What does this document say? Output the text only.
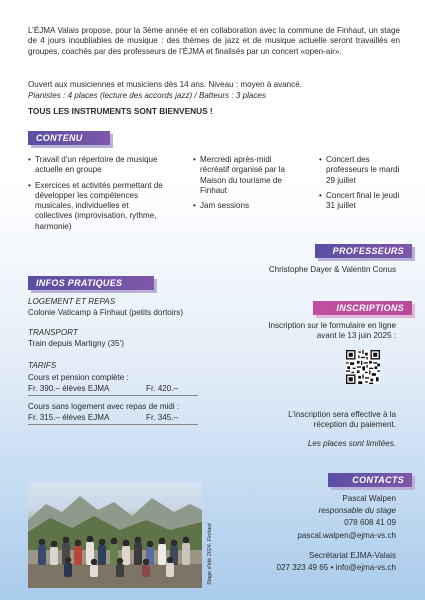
L’ÉJMA Valais propose, pour la 3ème année et en collaboration avec la commune de Finhaut, un stage de 4 jours inoubliables de musique : des thèmes de jazz et de musique actuelle seront travaillés en groupes, coachés par des professeurs de l’ÉJMA et finalisés par un concert «open-air».

Ouvert aux musiciennes et musiciens dès 14 ans. Niveau : moyen à avancé.

Pianistes : 4 places (lecture des accords jazz) / Batteurs : 3 places

TOUS LES INSTRUMENTS SONT BIENVENUS !

CONTENU
• Travail d’un répertoire de musique actuelle en groupe
• Exercices et activités permettant de développer les compétences musicales, individuelles et collectives (improvisation, rythme, harmonie)
• Mercredi après-midi récréatif organisé par la Maison du tourisme de Finhaut
• Jam sessions
• Concert des professeurs le mardi 29 juillet
• Concert final le jeudi 31 juillet
PROFESSEURS

Christophe Dayer & Valentin Conus

INFOS PRATIQUES

LOGEMENT ET REPAS

Colonie Vaticamp à Finhaut (petits dortoirs)

TRANSPORT

Train depuis Martigny (35’)

TARIFS

Cours et pension complète :

Fr. 390.– élèves EJMA	Fr. 420.–

Cours sans logement avec repas de midi :

Fr. 315.– élèves EJMA	Fr. 345.–

INSCRIPTIONS

Inscription sur le formulaire en ligne avant le 13 juin 2025 :

L’inscription sera effective à la réception du paiement.

Les places sont limitées.

Stage d’été 2024, Finhaut
CONTACTS

Pascal Walpen

responsable du stage

078 608 41 09

pascal.walpen@ejma-vs.ch

Secrétariat EJMA-Valais

027 323 49 65 • info@ejma-vs.ch
